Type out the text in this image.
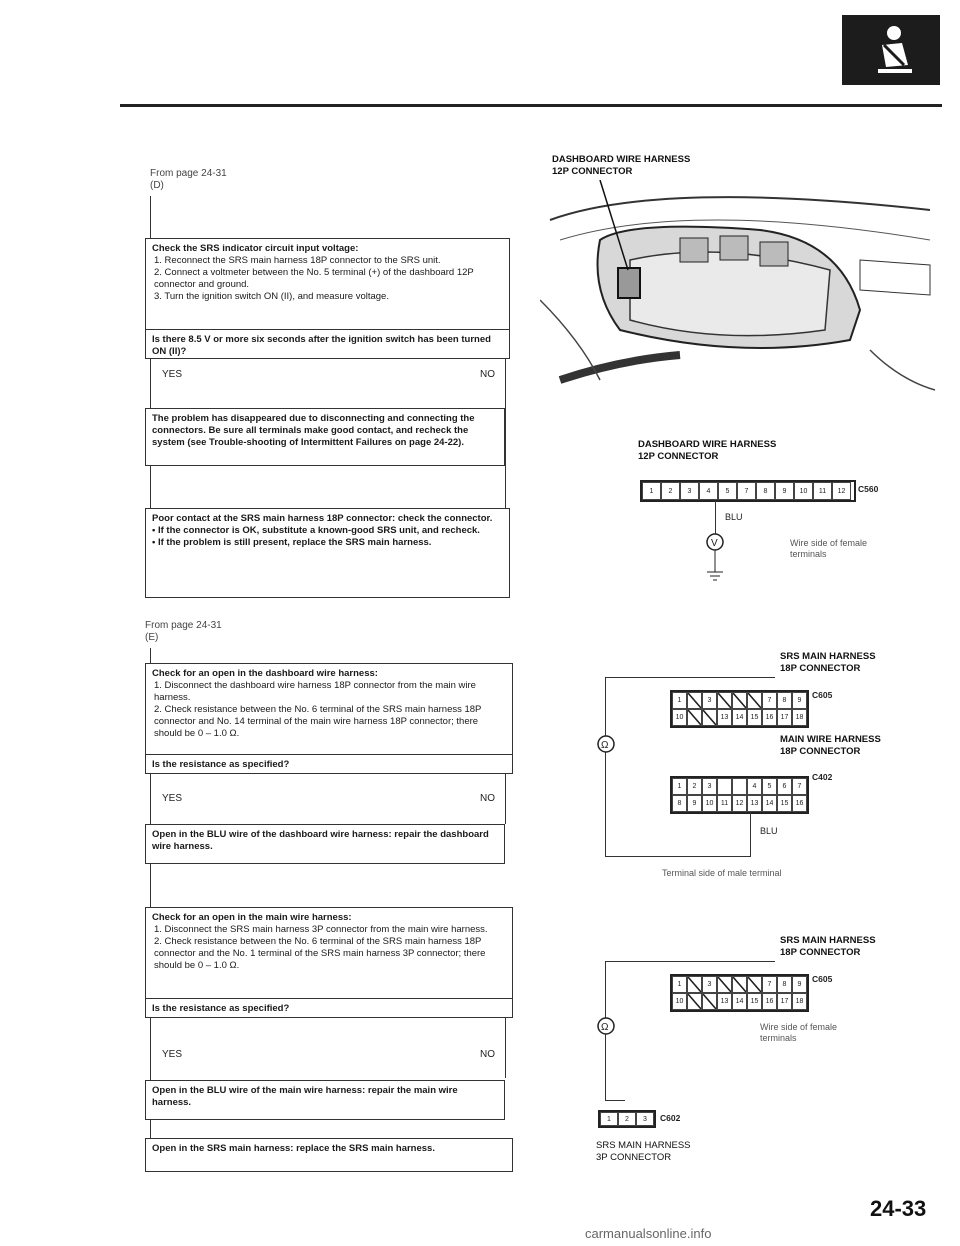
From page 24-31
(D)
Check the SRS indicator circuit input voltage:
1. Reconnect the SRS main harness 18P connector to the SRS unit.
2. Connect a voltmeter between the No. 5 terminal (+) of the dashboard 12P connector and ground.
3. Turn the ignition switch ON (II), and measure voltage.
Is there 8.5 V or more six seconds after the ignition switch has been turned ON (II)?
YES	NO
The problem has disappeared due to disconnecting and connecting the connectors. Be sure all terminals make good contact, and recheck the system (see Trouble-shooting of Intermittent Failures on page 24-22).
Poor contact at the SRS main harness 18P connector: check the connector.
• If the connector is OK, substitute a known-good SRS unit, and recheck.
• If the problem is still present, replace the SRS main harness.
From page 24-31
(E)
Check for an open in the dashboard wire harness:
1. Disconnect the dashboard wire harness 18P connector from the main wire harness.
2. Check resistance between the No. 6 terminal of the SRS main harness 18P connector and No. 14 terminal of the main wire harness 18P connector; there should be 0 – 1.0 Ω.
Is the resistance as specified?
YES	NO
Open in the BLU wire of the dashboard wire harness: repair the dashboard wire harness.
Check for an open in the main wire harness:
1. Disconnect the SRS main harness 3P connector from the main wire harness.
2. Check resistance between the No. 6 terminal of the SRS main harness 18P connector and the No. 1 terminal of the SRS main harness 3P connector; there should be 0 – 1.0 Ω.
Is the resistance as specified?
YES	NO
Open in the BLU wire of the main wire harness: repair the main wire harness.
Open in the SRS main harness: replace the SRS main harness.
DASHBOARD WIRE HARNESS
12P CONNECTOR
DASHBOARD WIRE HARNESS
12P CONNECTOR
1	2	3	4	5	7	8	9	10	11	12	C560
BLU
V	Wire side of female
terminals
SRS MAIN HARNESS
18P CONNECTOR
1	3	7	8	9
10	13	14	15	16	17	18
C605
Ω
MAIN WIRE HARNESS
18P CONNECTOR
1	2	3	4	5	6	7
8	9	10	11	12	13	14	15	16
C402
BLU
Terminal side of male terminal
SRS MAIN HARNESS
18P CONNECTOR
1	3	7	8	9
10	13	14	15	16	17	18
C605
Ω	Wire side of female
terminals
1	2	3	C602
SRS MAIN HARNESS
3P CONNECTOR
24-33
carmanualsonline.info
